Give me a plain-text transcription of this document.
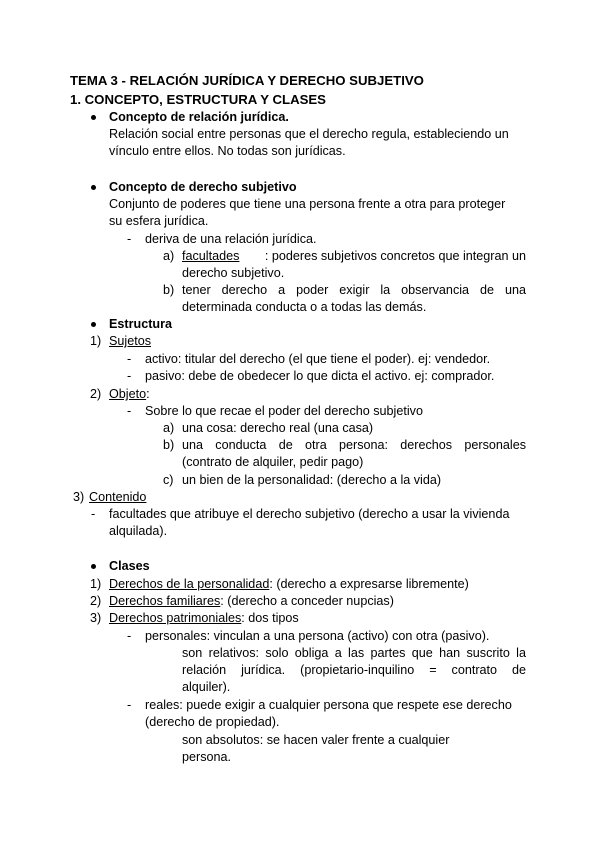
TEMA 3 - RELACIÓN JURÍDICA Y DERECHO SUBJETIVO
1. CONCEPTO, ESTRUCTURA Y CLASES
Concepto de relación jurídica.
Relación social entre personas que el derecho regula, estableciendo un
vínculo entre ellos. No todas son jurídicas.
Concepto de derecho subjetivo
Conjunto de poderes que tiene una persona frente a otra para proteger
su esfera jurídica.
- deriva de una relación jurídica.
a) facultades : poderes subjetivos concretos que integran un
derecho subjetivo.
b) tener derecho a poder exigir la observancia de una
determinada conducta o a todas las demás.
Estructura
1) Sujetos
- activo: titular del derecho (el que tiene el poder). ej: vendedor.
- pasivo: debe de obedecer lo que dicta el activo. ej: comprador.
2) Objeto:
- Sobre lo que recae el poder del derecho subjetivo
a) una cosa: derecho real (una casa)
b) una conducta de otra persona: derechos personales
(contrato de alquiler, pedir pago)
c) un bien de la personalidad: (derecho a la vida)
3) Contenido
- facultades que atribuye el derecho subjetivo (derecho a usar la vivienda
alquilada).
Clases
1) Derechos de la personalidad: (derecho a expresarse libremente)
2) Derechos familiares: (derecho a conceder nupcias)
3) Derechos patrimoniales: dos tipos
- personales: vinculan a una persona (activo) con otra (pasivo).
son relativos: solo obliga a las partes que han suscrito la
relación jurídica. (propietario-inquilino = contrato de
alquiler).
- reales: puede exigir a cualquier persona que respete ese derecho
(derecho de propiedad).
son absolutos: se hacen valer frente a cualquier
persona.
